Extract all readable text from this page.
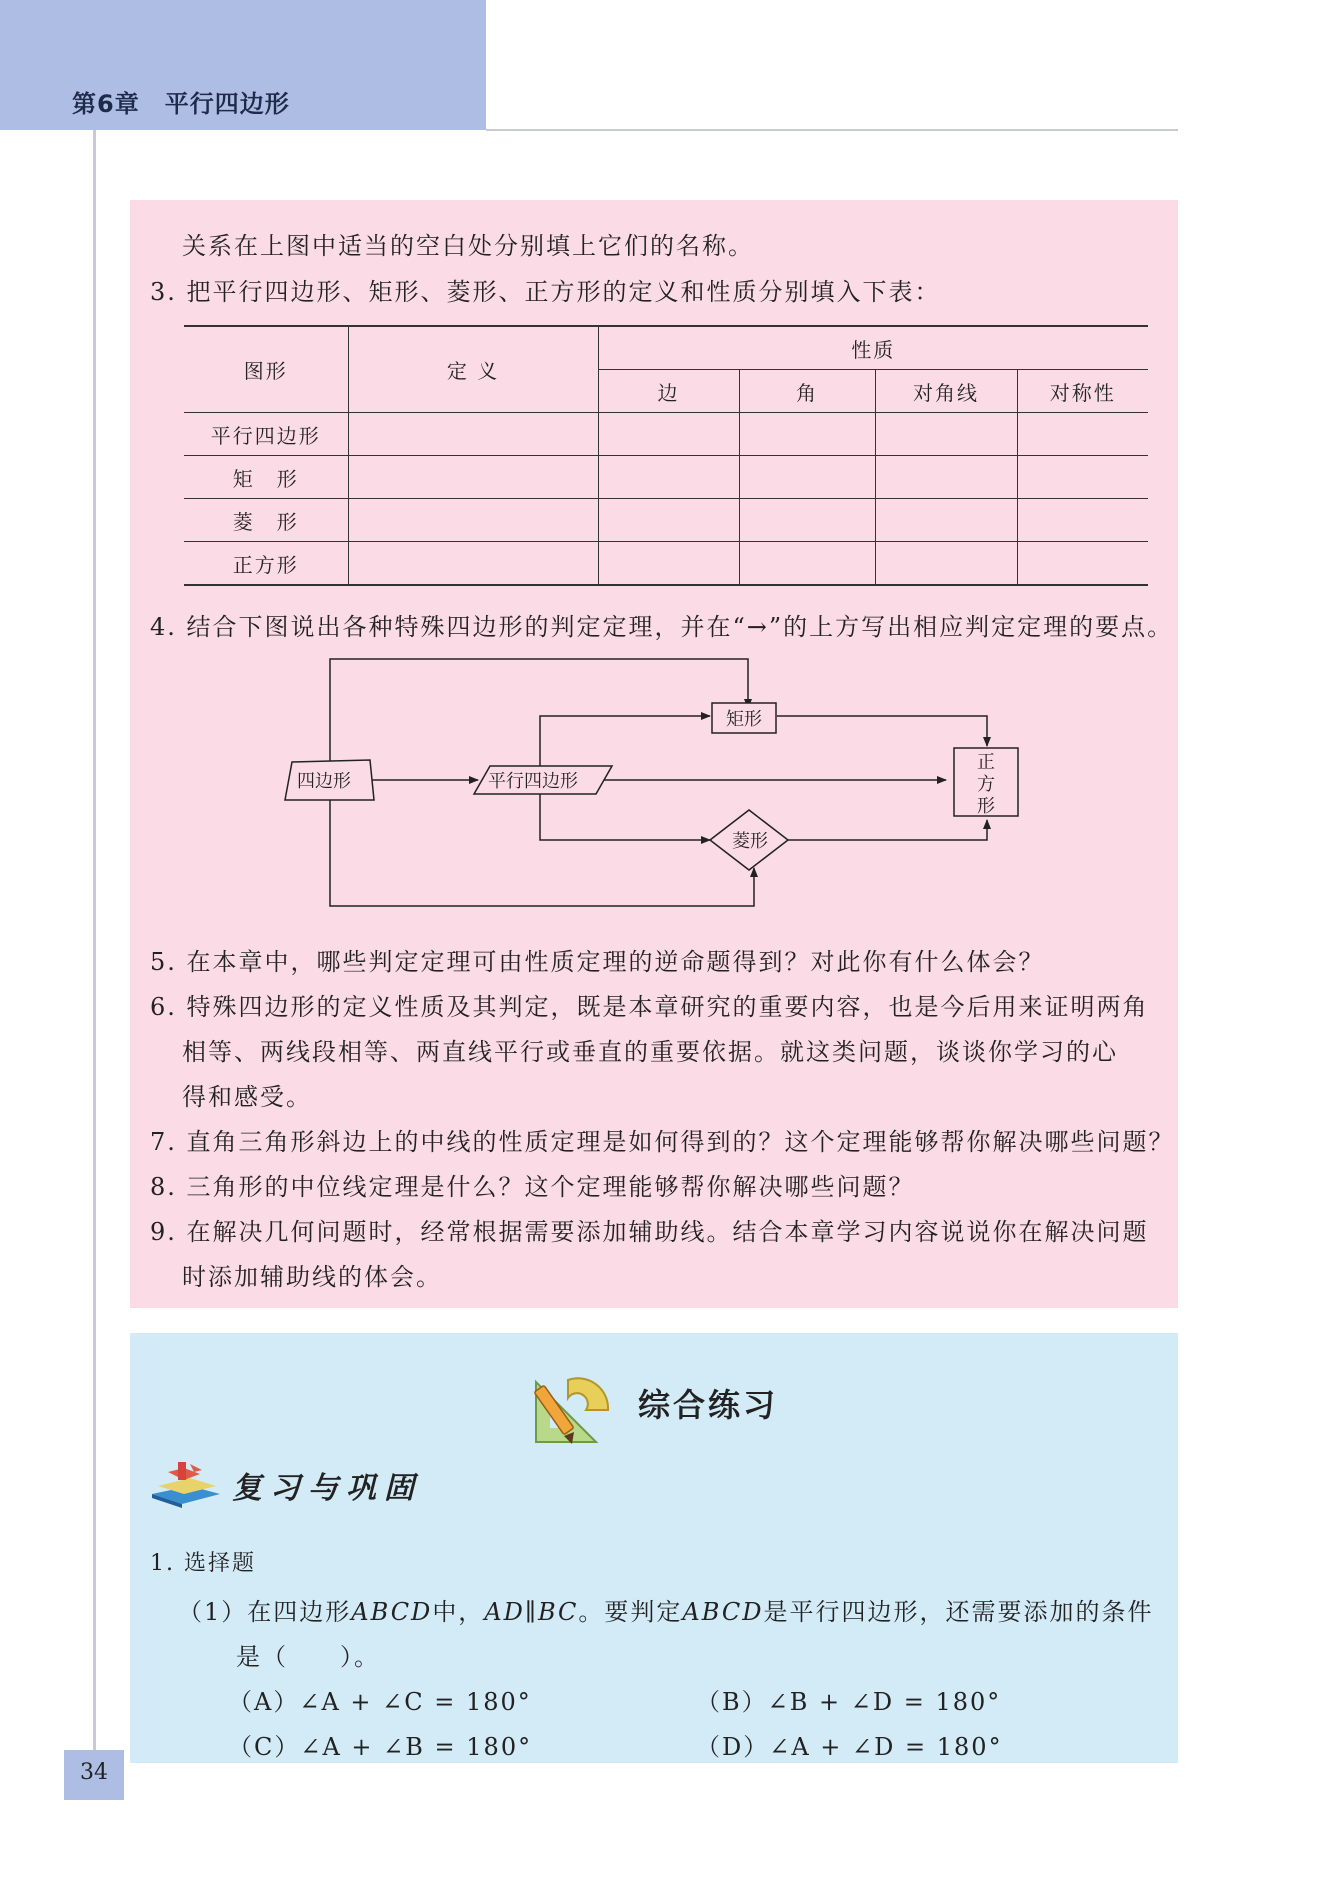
第6章　 平行四边形
关系在上图中适当的空白处分别填上它们的名称。
3. 把平行四边形、矩形、菱形、正方形的定义和性质分别填入下表：
图形	定 义	性质			
		边	角	对角线	对称性
平行四边形					
矩　形					
菱　形					
正方形					
4. 结合下图说出各种特殊四边形的判定定理，并在“→”的上方写出相应判定定理的要点。
四边形	平行四边形
矩形
菱形
正
方
形
5. 在本章中，哪些判定定理可由性质定理的逆命题得到？对此你有什么体会？
6. 特殊四边形的定义性质及其判定，既是本章研究的重要内容，也是今后用来证明两角
相等、两线段相等、两直线平行或垂直的重要依据。就这类问题，谈谈你学习的心
得和感受。
7. 直角三角形斜边上的中线的性质定理是如何得到的？这个定理能够帮你解决哪些问题？
8. 三角形的中位线定理是什么？这个定理能够帮你解决哪些问题？
9. 在解决几何问题时，经常根据需要添加辅助线。结合本章学习内容说说你在解决问题
时添加辅助线的体会。
综合练习
复习与巩固
1. 选择题
（1）在四边形ABCD中，AD∥BC。要判定ABCD是平行四边形，还需要添加的条件
是（　　）。
（A）∠A + ∠C = 180°	（B）∠B + ∠D = 180°
（C）∠A + ∠B = 180°	（D）∠A + ∠D = 180°
34
